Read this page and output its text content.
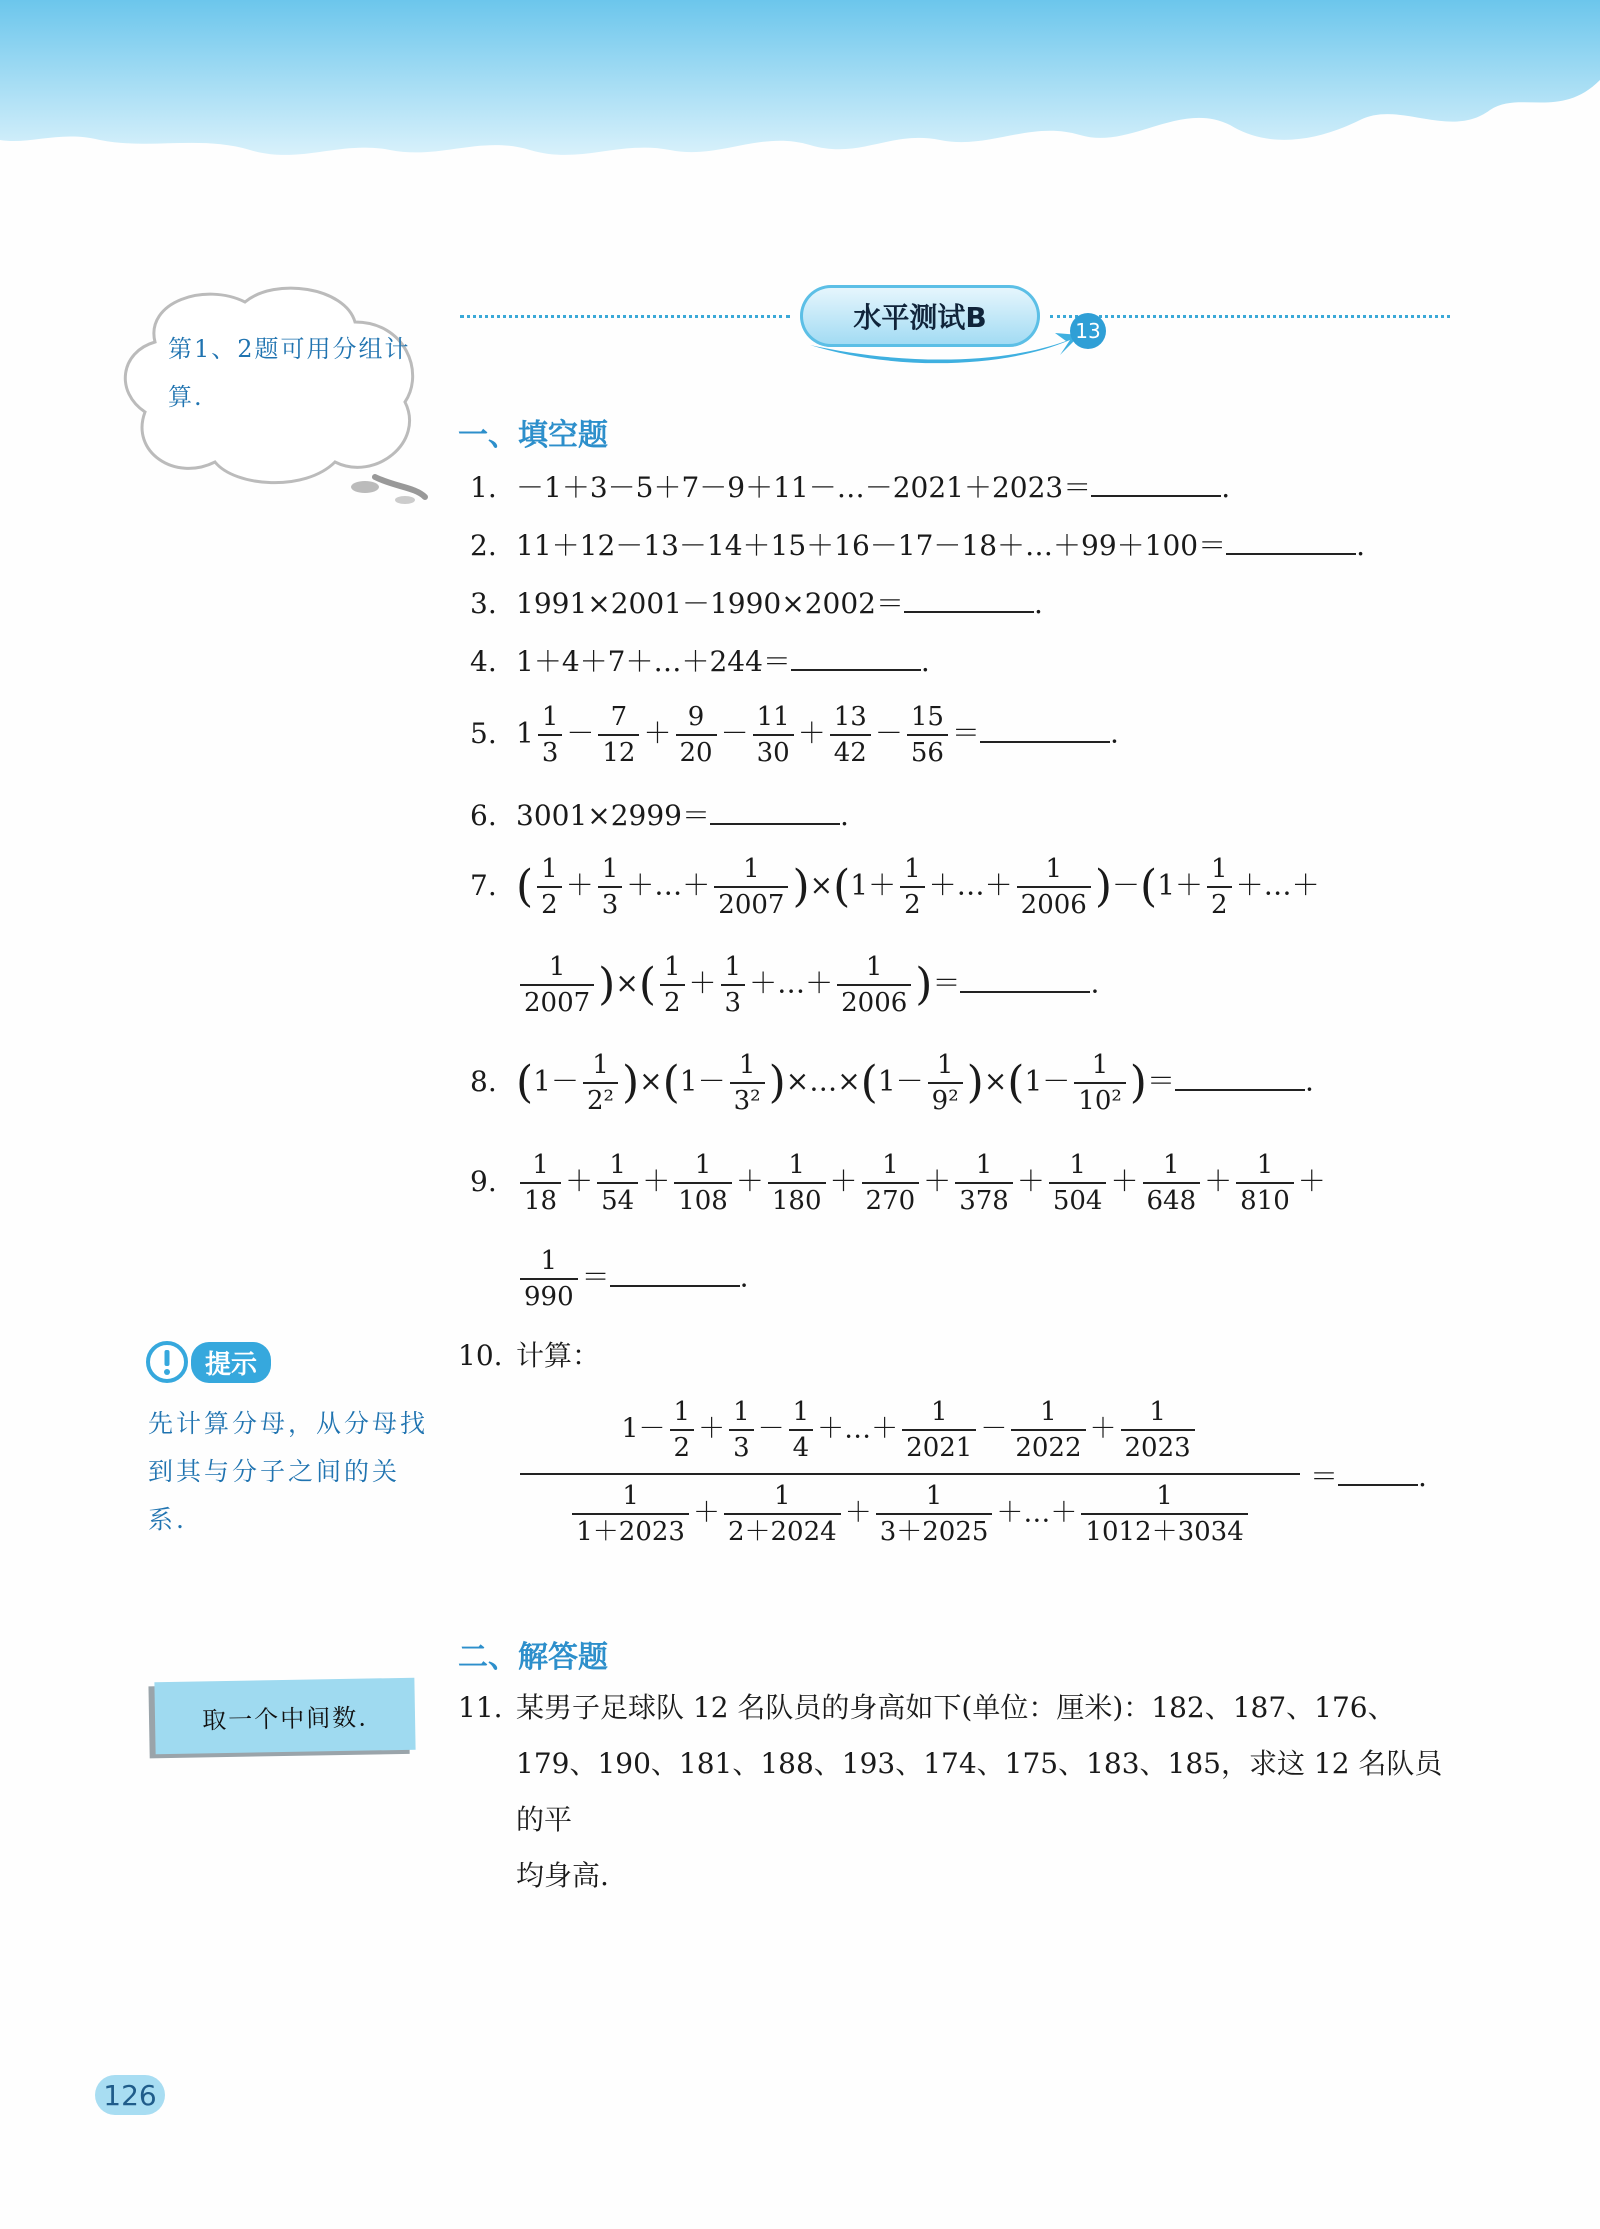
水平测试B	13
第1、2题可用分组计算.
提示
先计算分母，从分母找到其与分子之间的关系.
取一个中间数.
一、填空题
1. －1＋3－5＋7－9＋11－…－2021＋2023＝	.
2. 11＋12－13－14＋15＋16－17－18＋…＋99＋100＝	.
3. 1991×2001－1990×2002＝	.
4. 1＋4＋7＋…＋244＝	.
5. $1 \frac{1}{3} - \frac{7}{12} + \frac{9}{20} - \frac{11}{30} + \frac{13}{42} - \frac{15}{56}$ ＝	.
6. 3001×2999＝	.
7. ( $\frac{1}{2} + \frac{1}{3}$ ＋…＋ $\frac{1}{2007} )\times(1+ \frac{1}{2}$ ＋…＋ $\frac{1}{2006} )-(1+ \frac{1}{2}$ ＋…＋
$\frac{1}{2007}$ )×( $\frac{1}{2} + \frac{1}{3}$ ＋…＋ $\frac{1}{2006}$ )＝	.
8. $(1- \frac{1}{\text{2²}} )\times(1- \frac{1}{\text{3²}}$ )×…×(1－ $\frac{1}{\text{9²}} )\times(1- \frac{1}{\text{10²}}$ )＝	.
9. $\frac{1}{18} + \frac{1}{54} + \frac{1}{108} + \frac{1}{180} + \frac{1}{270} + \frac{1}{378} + \frac{1}{504} + \frac{1}{648} + \frac{1}{810}$ ＋
$\frac{1}{990}$ ＝	.
10. 计算：
$1- \frac{1}{2} + \frac{1}{3} - \frac{1}{4}$ ＋…＋ $\frac{1}{2021} - \frac{1}{2022} + \frac{1}{2023}$
$\frac{1}{1+2023} + \frac{1}{2+2024} + \frac{1}{3+2025}$ ＋…＋ $\frac{1}{1012+3034}$
＝	.
二、解答题
11. 某男子足球队 12 名队员的身高如下(单位：厘米)：182、187、176、
179、190、181、188、193、174、175、183、185，求这 12 名队员的平
均身高.
126
